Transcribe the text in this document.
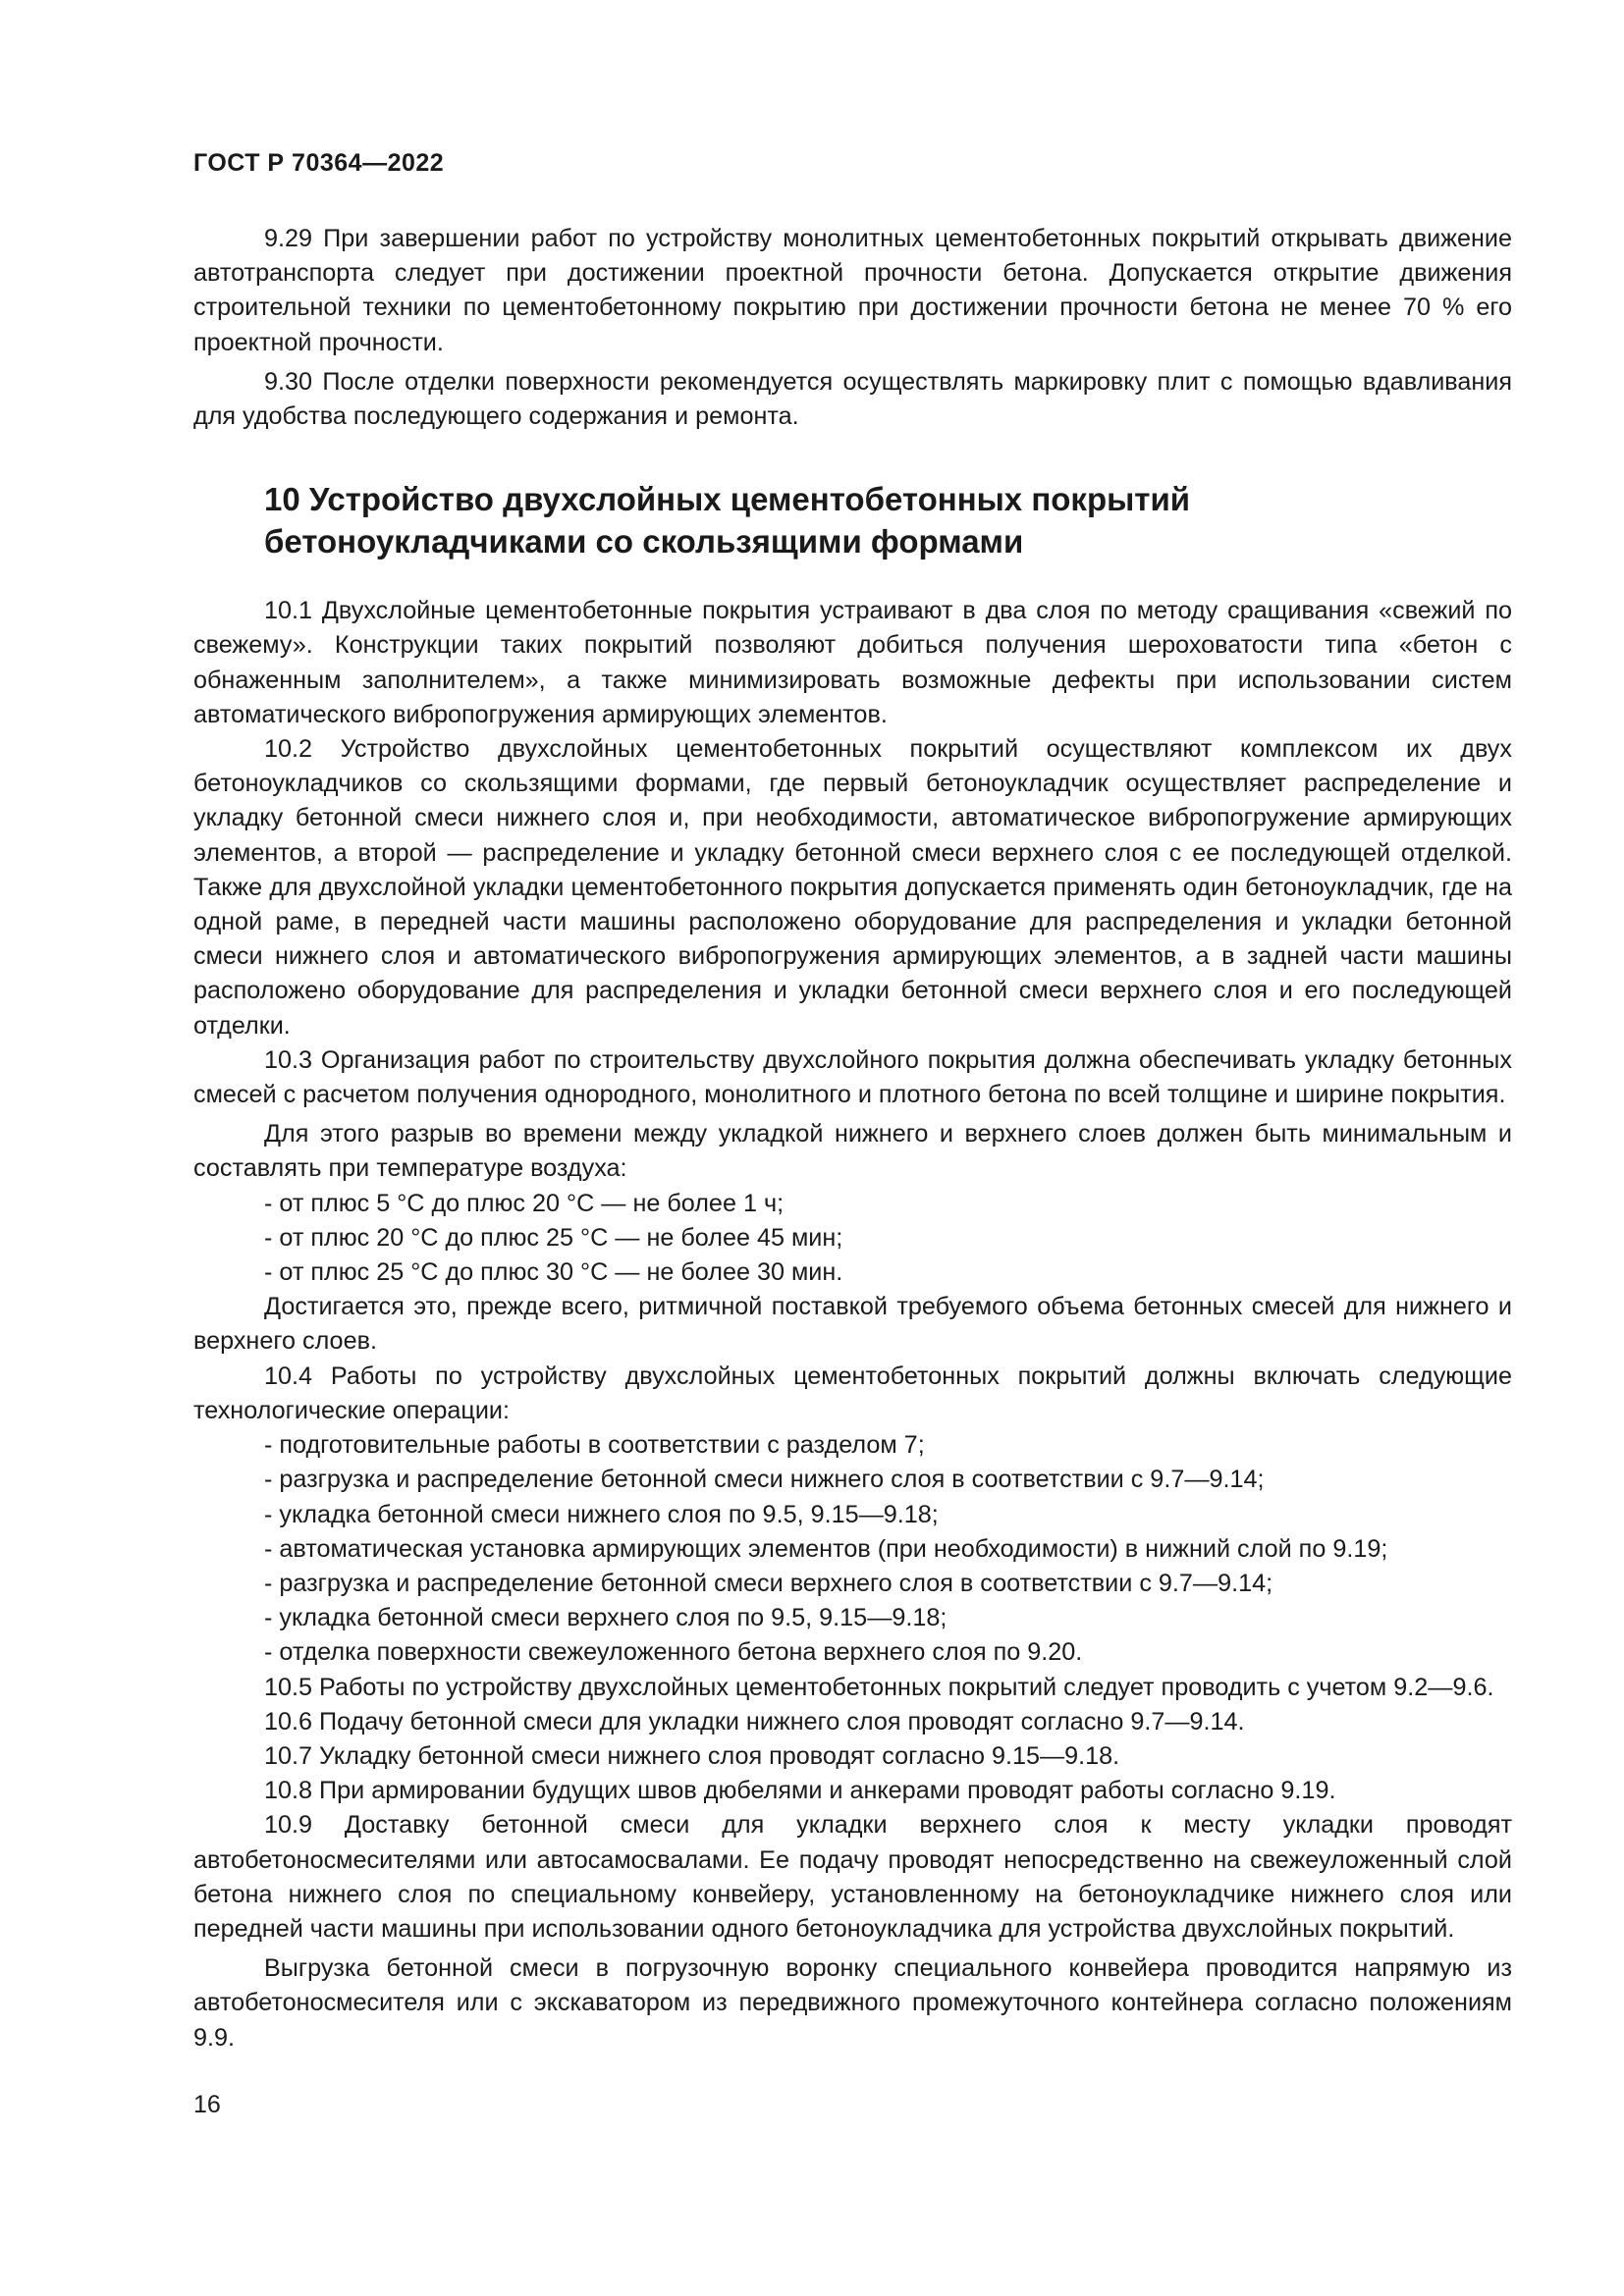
ГОСТ Р 70364—2022

9.29 При завершении работ по устройству монолитных цементобетонных покрытий открывать движение автотранспорта следует при достижении проектной прочности бетона. Допускается открытие движения строительной техники по цементобетонному покрытию при достижении прочности бетона не менее 70 % его проектной прочности.

9.30 После отделки поверхности рекомендуется осуществлять маркировку плит с помощью вдавливания для удобства последующего содержания и ремонта.

10 Устройство двухслойных цементобетонных покрытий
бетоноукладчиками со скользящими формами

10.1 Двухслойные цементобетонные покрытия устраивают в два слоя по методу сращивания «свежий по свежему». Конструкции таких покрытий позволяют добиться получения шероховатости типа «бетон с обнаженным заполнителем», а также минимизировать возможные дефекты при использовании систем автоматического вибропогружения армирующих элементов.

10.2 Устройство двухслойных цементобетонных покрытий осуществляют комплексом их двух бетоноукладчиков со скользящими формами, где первый бетоноукладчик осуществляет распределение и укладку бетонной смеси нижнего слоя и, при необходимости, автоматическое вибропогружение армирующих элементов, а второй — распределение и укладку бетонной смеси верхнего слоя с ее последующей отделкой. Также для двухслойной укладки цементобетонного покрытия допускается применять один бетоноукладчик, где на одной раме, в передней части машины расположено оборудование для распределения и укладки бетонной смеси нижнего слоя и автоматического вибропогружения армирующих элементов, а в задней части машины расположено оборудование для распределения и укладки бетонной смеси верхнего слоя и его последующей отделки.

10.3 Организация работ по строительству двухслойного покрытия должна обеспечивать укладку бетонных смесей с расчетом получения однородного, монолитного и плотного бетона по всей толщине и ширине покрытия.

Для этого разрыв во времени между укладкой нижнего и верхнего слоев должен быть минимальным и составлять при температуре воздуха:

- от плюс 5 °С до плюс 20 °С — не более 1 ч;

- от плюс 20 °С до плюс 25 °С — не более 45 мин;

- от плюс 25 °С до плюс 30 °С — не более 30 мин.

Достигается это, прежде всего, ритмичной поставкой требуемого объема бетонных смесей для нижнего и верхнего слоев.

10.4 Работы по устройству двухслойных цементобетонных покрытий должны включать следующие технологические операции:

- подготовительные работы в соответствии с разделом 7;

- разгрузка и распределение бетонной смеси нижнего слоя в соответствии с 9.7—9.14;

- укладка бетонной смеси нижнего слоя по 9.5, 9.15—9.18;

- автоматическая установка армирующих элементов (при необходимости) в нижний слой по 9.19;

- разгрузка и распределение бетонной смеси верхнего слоя в соответствии с 9.7—9.14;

- укладка бетонной смеси верхнего слоя по 9.5, 9.15—9.18;

- отделка поверхности свежеуложенного бетона верхнего слоя по 9.20.

10.5 Работы по устройству двухслойных цементобетонных покрытий следует проводить с учетом 9.2—9.6.

10.6 Подачу бетонной смеси для укладки нижнего слоя проводят согласно 9.7—9.14.

10.7 Укладку бетонной смеси нижнего слоя проводят согласно 9.15—9.18.

10.8 При армировании будущих швов дюбелями и анкерами проводят работы согласно 9.19.

10.9 Доставку бетонной смеси для укладки верхнего слоя к месту укладки проводят автобетоносмесителями или автосамосвалами. Ее подачу проводят непосредственно на свежеуложенный слой бетона нижнего слоя по специальному конвейеру, установленному на бетоноукладчике нижнего слоя или передней части машины при использовании одного бетоноукладчика для устройства двухслойных покрытий.

Выгрузка бетонной смеси в погрузочную воронку специального конвейера проводится напрямую из автобетоносмесителя или с экскаватором из передвижного промежуточного контейнера согласно положениям 9.9.

16
